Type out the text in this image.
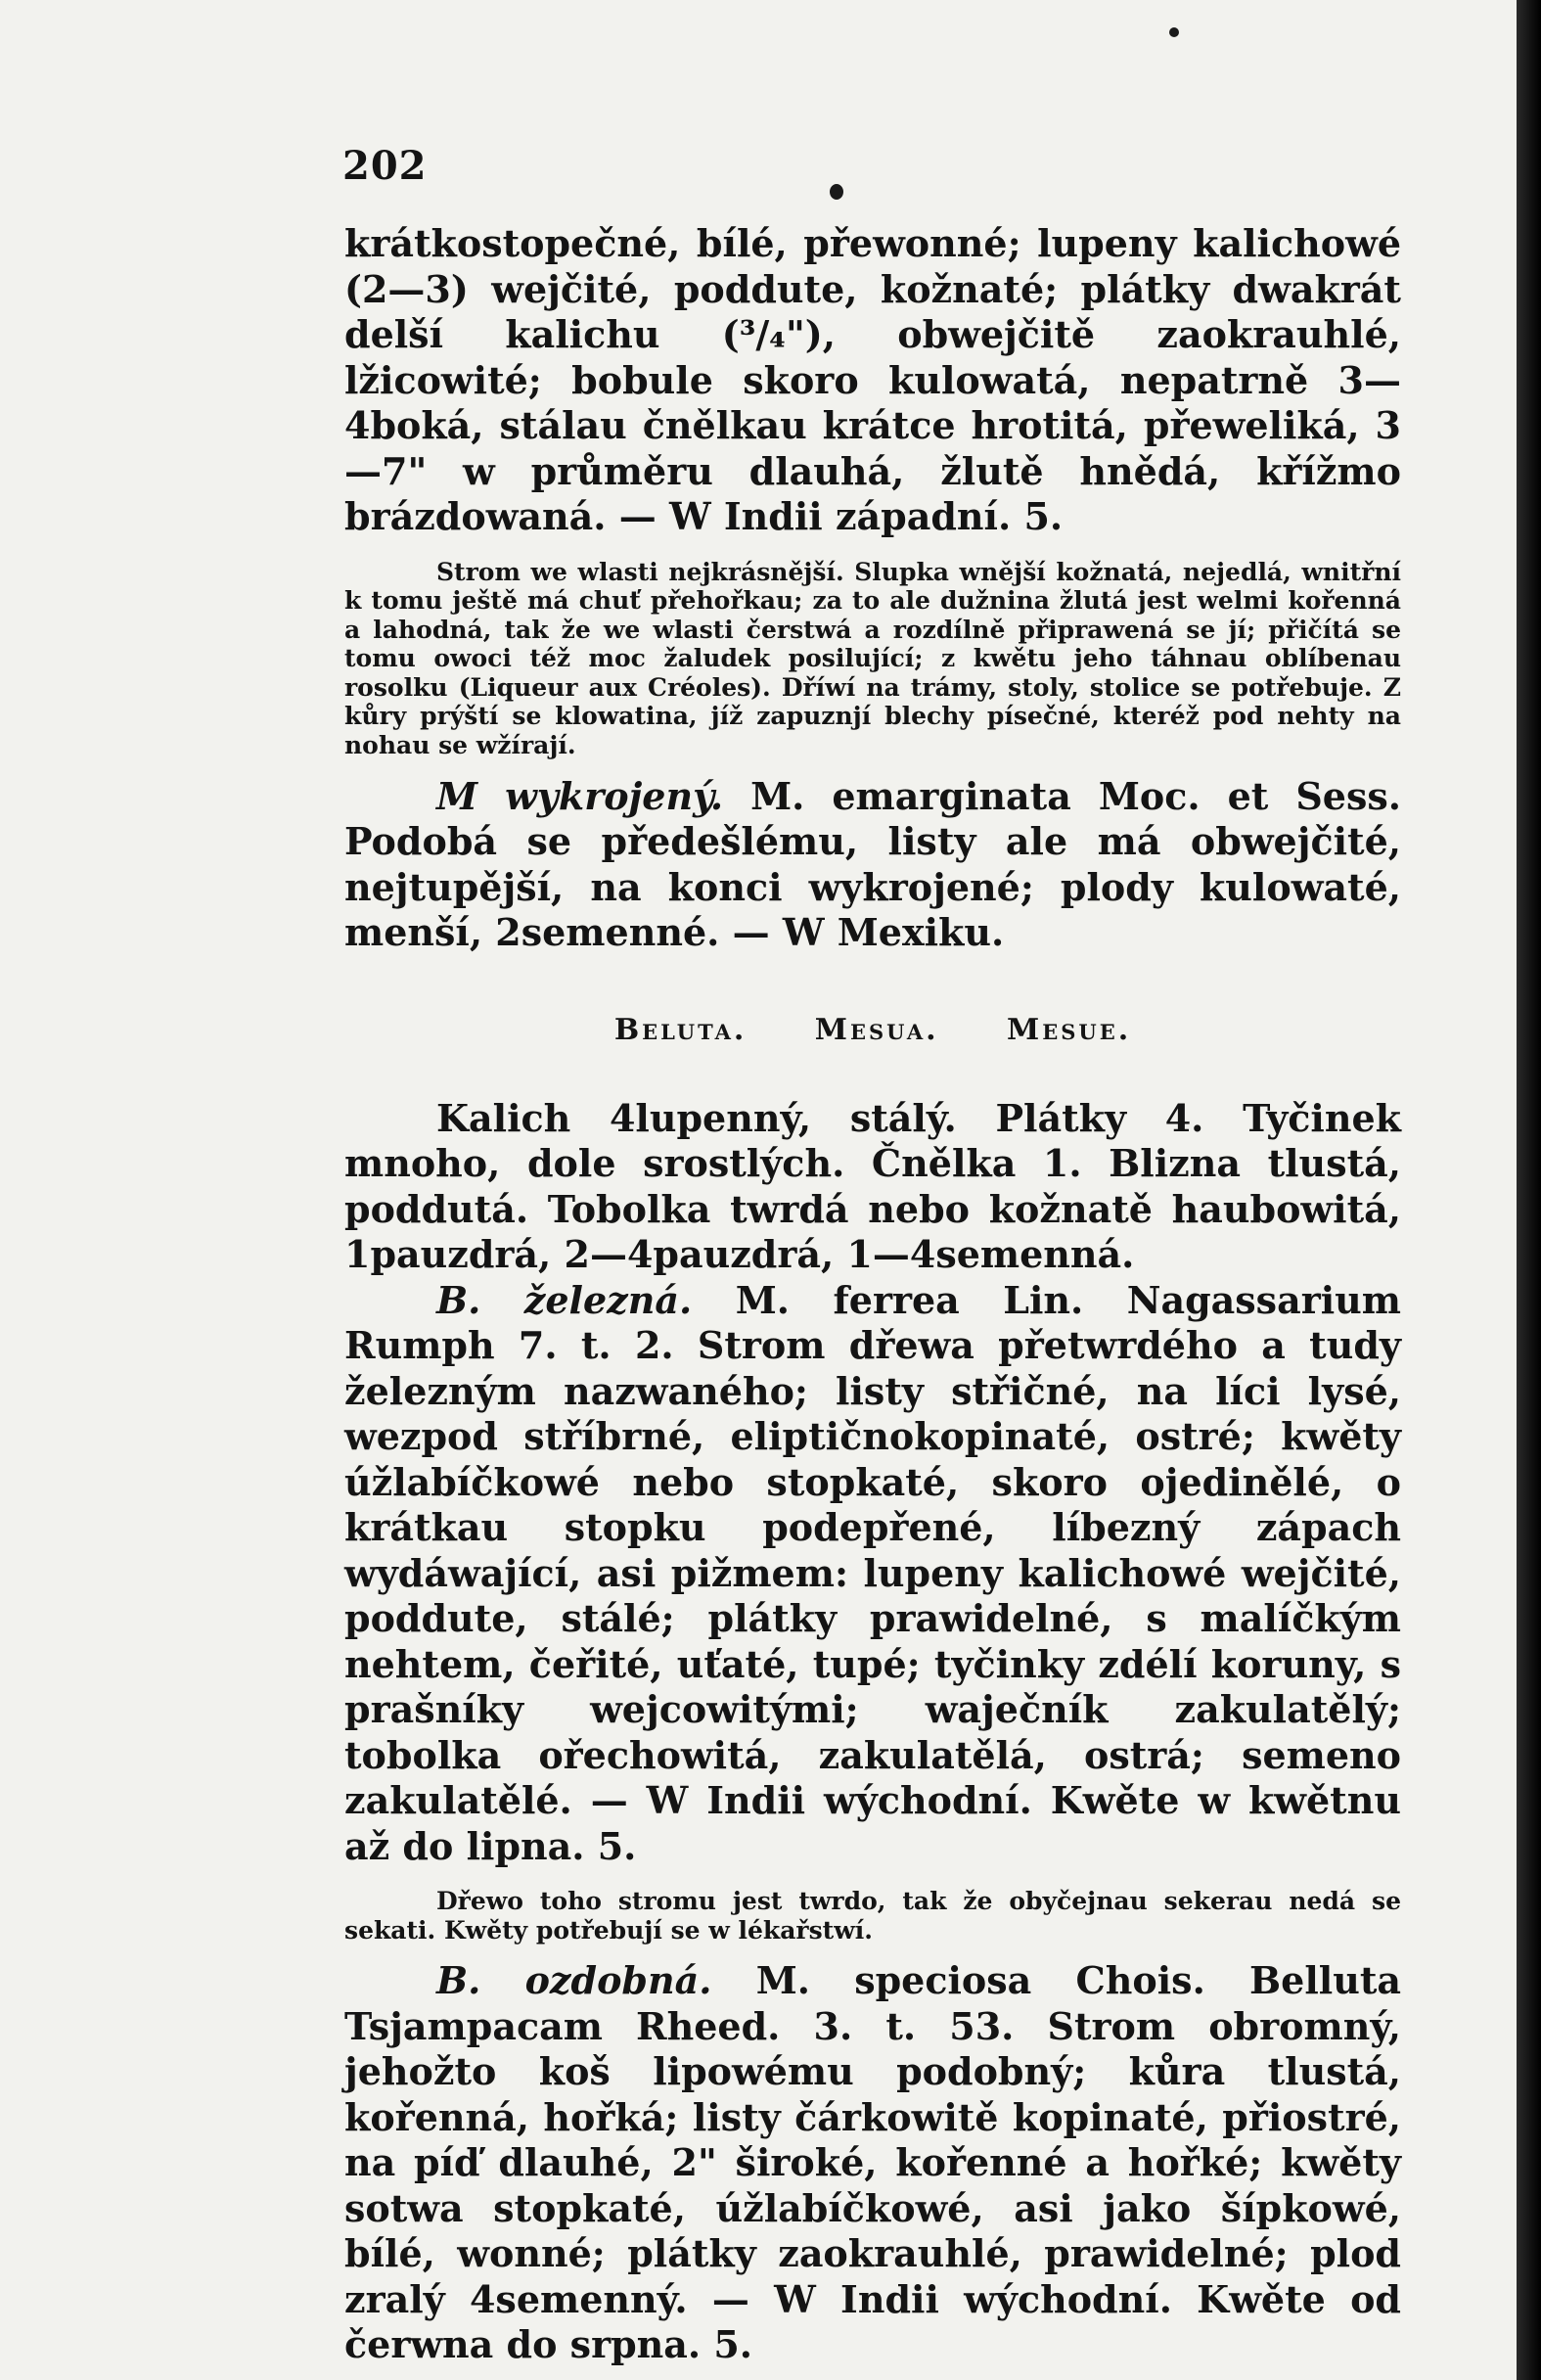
202

krátkostopečné, bílé, přewonné; lupeny kalichowé (2—3) wejčité, poddute, kožnaté; plátky dwakrát delší kalichu (³/₄"), obwejčitě zaokrauhlé, lžicowité; bobule skoro kulowatá, nepatrně 3—4boká, stálau čnělkau krátce hrotitá, přeweliká, 3—7" w průměru dlauhá, žlutě hnědá, křížmo brázdowaná. — W Indii západní. 5.

Strom we wlasti nejkrásnější. Slupka wnější kožnatá, nejedlá, wnitřní k tomu ještě má chuť přehořkau; za to ale dužnina žlutá jest welmi kořenná a lahodná, tak že we wlasti čerstwá a rozdílně připrawená se jí; přičítá se tomu owoci též moc žaludek posilující; z kwětu jeho táhnau oblíbenau rosolku (Liqueur aux Créoles). Dříwí na trámy, stoly, stolice se potřebuje. Z kůry prýští se klowatina, jíž zapuznjí blechy písečné, kteréž pod nehty na nohau se wžírají.

M wykrojený. M. emarginata Moc. et Sess. Podobá se předešlému, listy ale má obwejčité, nejtupější, na konci wykrojené; plody kulowaté, menší, 2semenné. — W Mexiku.

Beluta. Mesua. Mesue.

Kalich 4lupenný, stálý. Plátky 4. Tyčinek mnoho, dole srostlých. Čnělka 1. Blizna tlustá, poddutá. Tobolka twrdá nebo kožnatě haubowitá, 1pauzdrá, 2—4pauzdrá, 1—4semenná.

B. železná. M. ferrea Lin. Nagassarium Rumph 7. t. 2. Strom dřewa přetwrdého a tudy železným nazwaného; listy střičné, na líci lysé, wezpod stříbrné, eliptičnokopinaté, ostré; kwěty úžlabíčkowé nebo stopkaté, skoro ojedinělé, o krátkau stopku podepřené, líbezný zápach wydáwající, asi pižmem: lupeny kalichowé wejčité, poddute, stálé; plátky prawidelné, s malíčkým nehtem, čeřité, uťaté, tupé; tyčinky zdélí koruny, s prašníky wejcowitými; waječník zakulatělý; tobolka ořechowitá, zakulatělá, ostrá; semeno zakulatělé. — W Indii wýchodní. Kwěte w kwětnu až do lipna. 5.

Dřewo toho stromu jest twrdo, tak že obyčejnau sekerau nedá se sekati. Kwěty potřebují se w lékařstwí.

B. ozdobná. M. speciosa Chois. Belluta Tsjampacam Rheed. 3. t. 53. Strom obromný, jehožto koš lipowému podobný; kůra tlustá, kořenná, hořká; listy čárkowitě kopinaté, přiostré, na píď dlauhé, 2" široké, kořenné a hořké; kwěty sotwa stopkaté, úžlabíčkowé, asi jako šípkowé, bílé, wonné; plátky zaokrauhlé, prawidelné; plod zralý 4semenný. — W Indii wýchodní. Kwěte od čerwna do srpna. 5.
